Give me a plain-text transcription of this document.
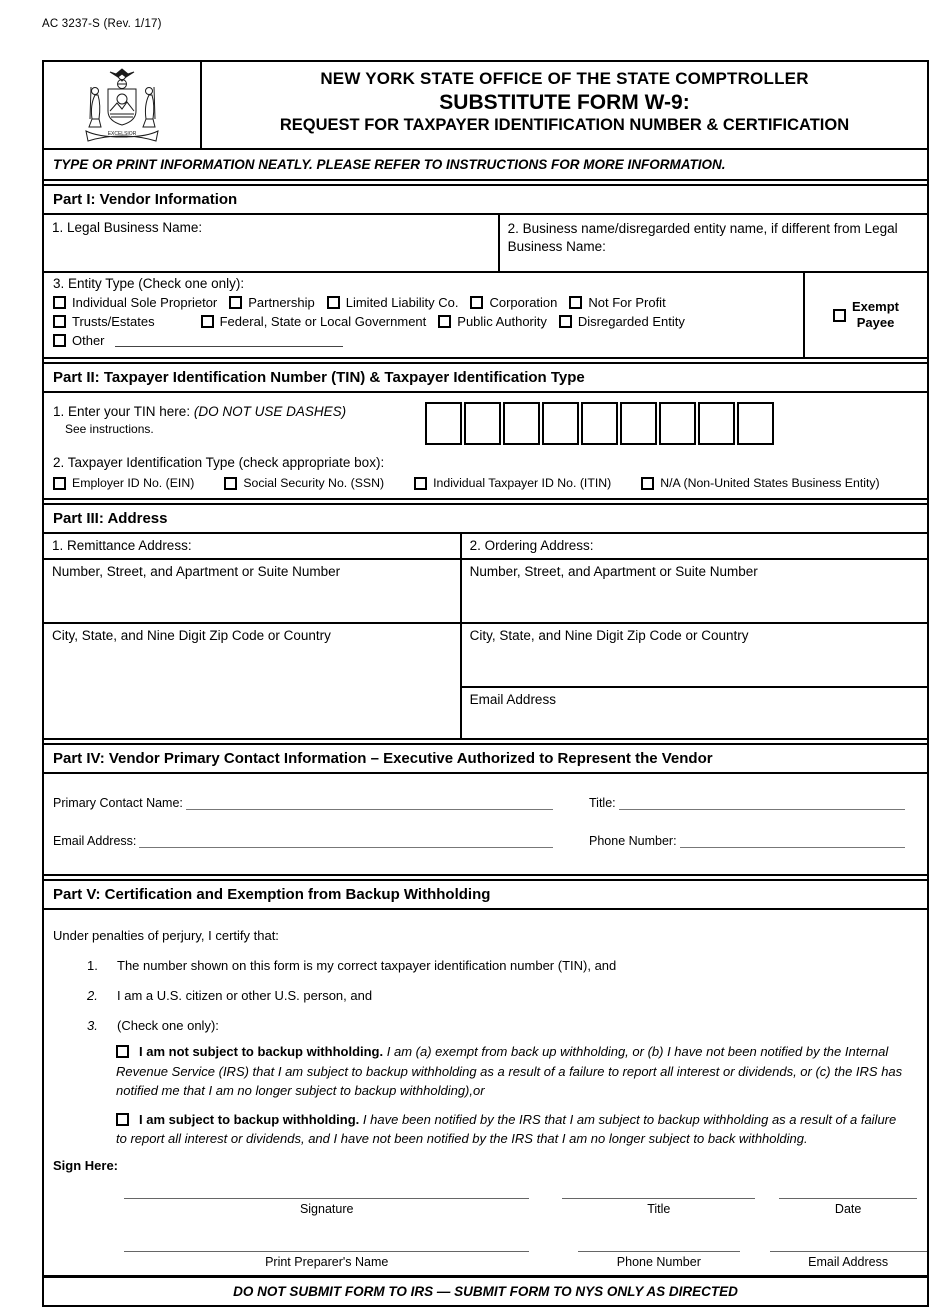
AC 3237-S (Rev. 1/17)
EXCELSIOR
NEW YORK STATE OFFICE OF THE STATE COMPTROLLER
SUBSTITUTE FORM W-9:
REQUEST FOR TAXPAYER IDENTIFICATION NUMBER & CERTIFICATION
TYPE OR PRINT INFORMATION NEATLY. PLEASE REFER TO INSTRUCTIONS FOR MORE INFORMATION.
Part I: Vendor Information
1. Legal Business Name:	2. Business name/disregarded entity name, if different from Legal Business Name:
3. Entity Type (Check one only):
Individual Sole Proprietor Partnership Limited Liability Co. Corporation Not For Profit
Trusts/Estates	Federal, State or Local Government Public Authority Disregarded Entity
Other
Exempt
Payee
Part II: Taxpayer Identification Number (TIN) & Taxpayer Identification Type
1. Enter your TIN here: (DO NOT USE DASHES)
See instructions.
2. Taxpayer Identification Type (check appropriate box):
Employer ID No. (EIN)	Social Security No. (SSN)	Individual Taxpayer ID No. (ITIN)	N/A (Non-United States Business Entity)
Part III: Address
1. Remittance Address:
Number, Street, and Apartment or Suite Number
City, State, and Nine Digit Zip Code or Country
2. Ordering Address:
Number, Street, and Apartment or Suite Number
City, State, and Nine Digit Zip Code or Country
Email Address
Part IV: Vendor Primary Contact Information – Executive Authorized to Represent the Vendor
Primary Contact Name:	Title:
Email Address:	Phone Number:
Part V: Certification and Exemption from Backup Withholding
Under penalties of perjury, I certify that:
1.	The number shown on this form is my correct taxpayer identification number (TIN), and
2.	I am a U.S. citizen or other U.S. person, and
3.	(Check one only):
I am not subject to backup withholding. I am (a) exempt from back up withholding, or (b) I have not been notified by the Internal Revenue Service (IRS) that I am subject to backup withholding as a result of a failure to report all interest or dividends, or (c) the IRS has notified me that I am no longer subject to backup withholding),or
I am subject to backup withholding. I have been notified by the IRS that I am subject to backup withholding as a result of a failure to report all interest or dividends, and I have not been notified by the IRS that I am no longer subject to back withholding.
Sign Here:
Signature	Title	Date
Print Preparer's Name	Phone Number	Email Address
DO NOT SUBMIT FORM TO IRS — SUBMIT FORM TO NYS ONLY AS DIRECTED
